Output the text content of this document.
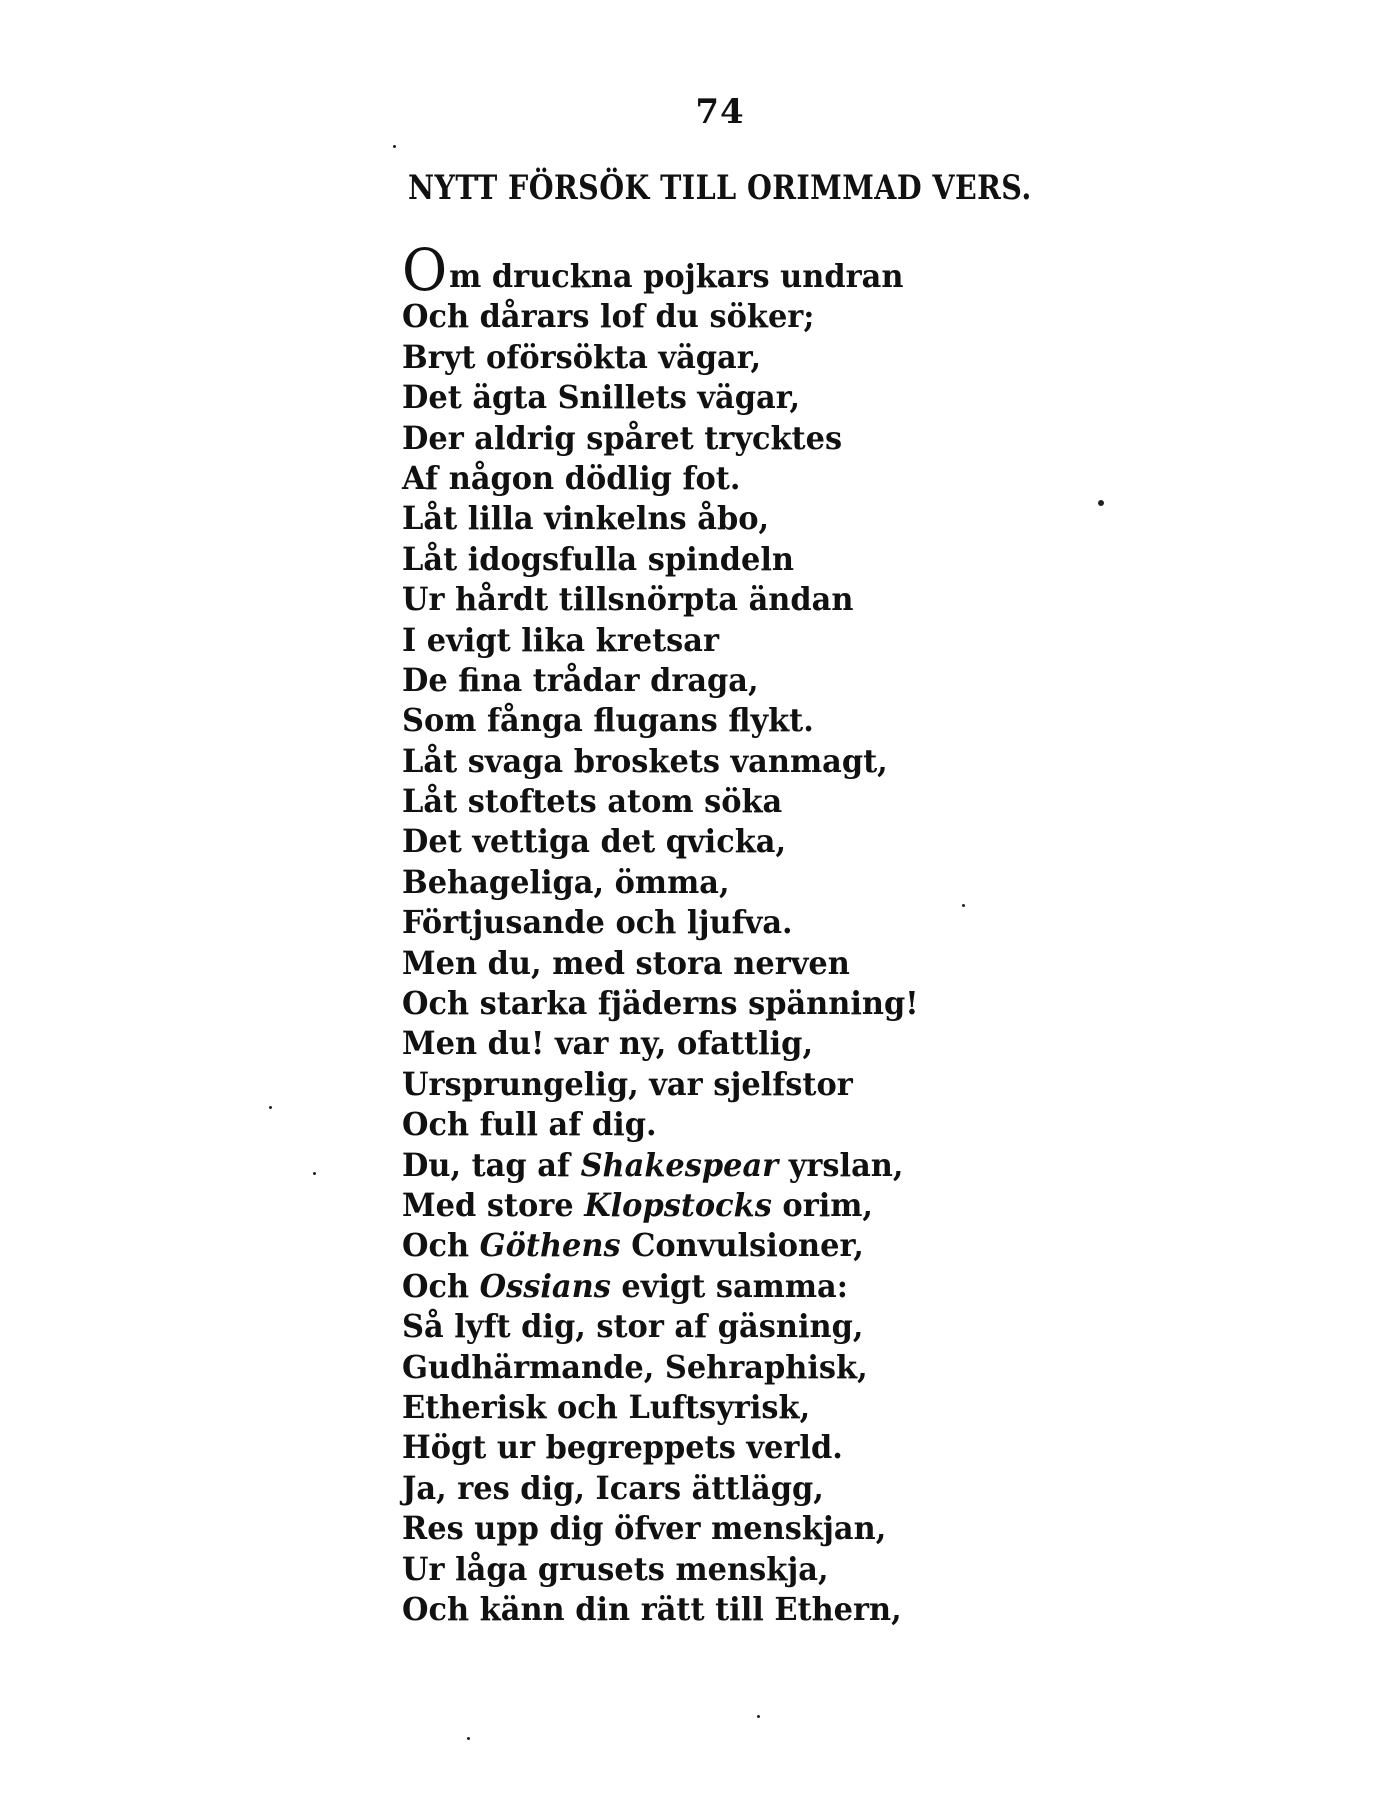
74
NYTT FÖRSÖK TILL ORIMMAD VERS.
Om druckna pojkars undran
Och dårars lof du söker;
Bryt oförsökta vägar,
Det ägta Snillets vägar,
Der aldrig spåret trycktes
Af någon dödlig fot.
Låt lilla vinkelns åbo,
Låt idogsfulla spindeln
Ur hårdt tillsnörpta ändan
I evigt lika kretsar
De fina trådar draga,
Som fånga flugans flykt.
Låt svaga broskets vanmagt,
Låt stoftets atom söka
Det vettiga det qvicka,
Behageliga, ömma,
Förtjusande och ljufva.
Men du, med stora nerven
Och starka fjäderns spänning!
Men du! var ny, ofattlig,
Ursprungelig, var sjelfstor
Och full af dig.
Du, tag af Shakespear yrslan,
Med store Klopstocks orim,
Och Göthens Convulsioner,
Och Ossians evigt samma:
Så lyft dig, stor af gäsning,
Gudhärmande, Sehraphisk,
Etherisk och Luftsyrisk,
Högt ur begreppets verld.
Ja, res dig, Icars ättlägg,
Res upp dig öfver menskjan,
Ur låga grusets menskja,
Och känn din rätt till Ethern,
